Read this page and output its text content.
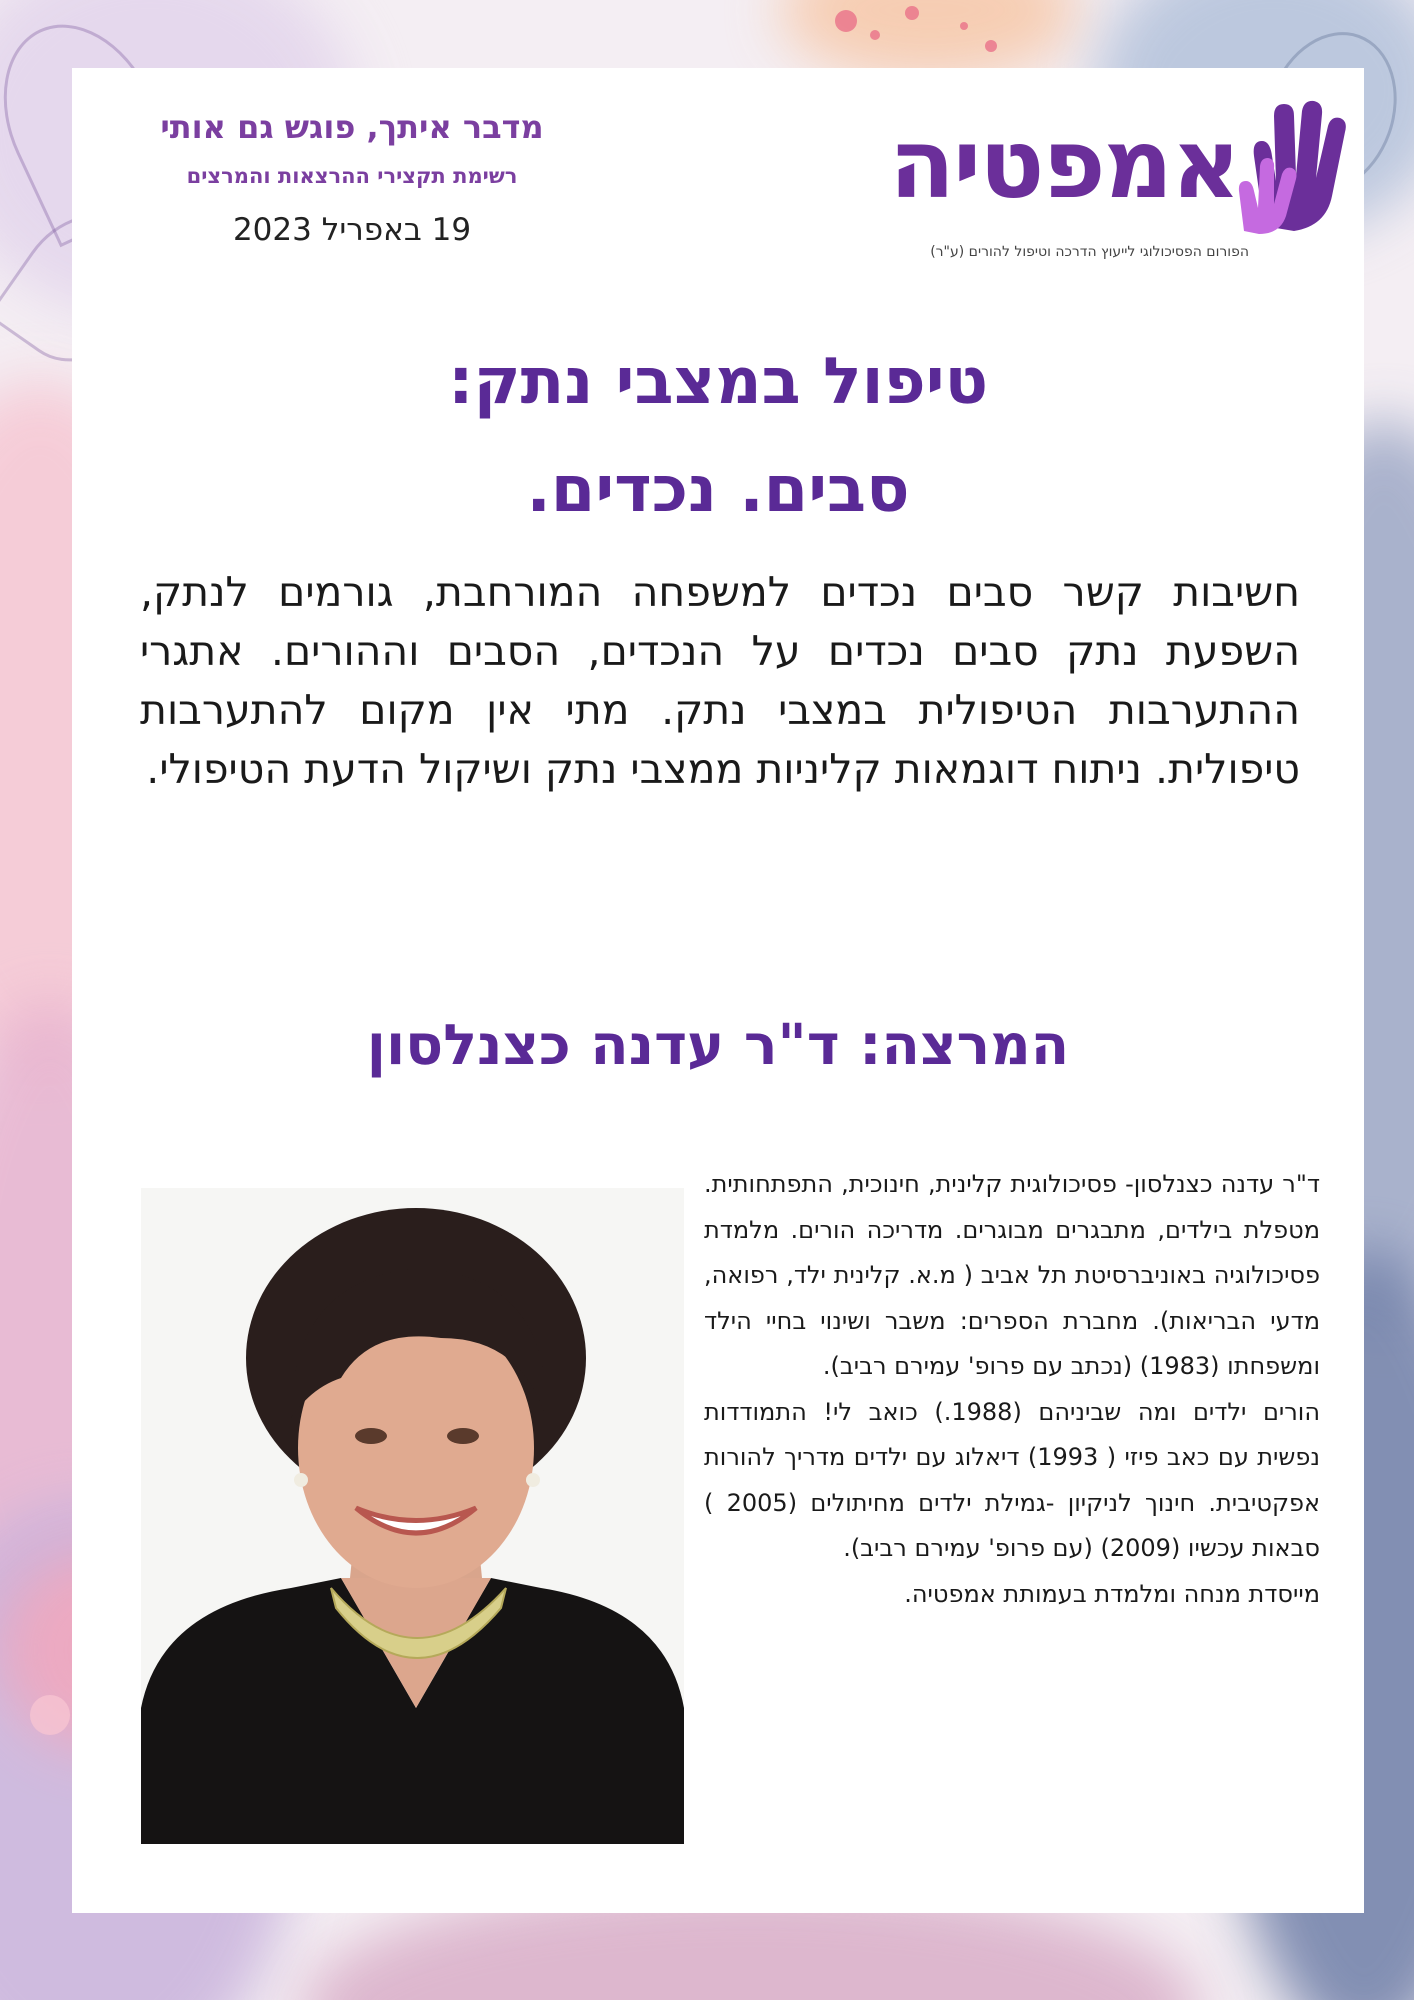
מדבר איתך, פוגש גם אותי

רשימת תקצירי ההרצאות והמרצים

19 באפריל 2023

אמפטיה
הפורום הפסיכולוגי לייעוץ הדרכה וטיפול להורים (ע"ר)
טיפול במצבי נתק:
סבים. נכדים.
חשיבות קשר סבים נכדים למשפחה המורחבת, גורמים לנתק, השפעת נתק סבים נכדים על הנכדים, הסבים וההורים. אתגרי ההתערבות הטיפולית במצבי נתק. מתי אין מקום להתערבות טיפולית. ניתוח דוגמאות קליניות ממצבי נתק ושיקול הדעת הטיפולי.
המרצה: ד"ר עדנה כצנלסון

ד"ר עדנה כצנלסון- פסיכולוגית קלינית, חינוכית, התפתחותית. מטפלת בילדים, מתבגרים מבוגרים. מדריכה הורים. מלמדת פסיכולוגיה באוניברסיטת תל אביב ( מ.א. קלינית ילד, רפואה, מדעי הבריאות). מחברת הספרים: משבר ושינוי בחיי הילד ומשפחתו (1983) (נכתב עם פרופ' עמירם רביב).

הורים ילדים ומה שביניהם (1988.) כואב לי! התמודדות נפשית עם כאב פיזי ( 1993) דיאלוג עם ילדים מדריך להורות אפקטיבית. חינוך לניקיון -גמילת ילדים מחיתולים (2005 ) סבאות עכשיו (2009) (עם פרופ' עמירם רביב).

מייסדת מנחה ומלמדת בעמותת אמפטיה.
